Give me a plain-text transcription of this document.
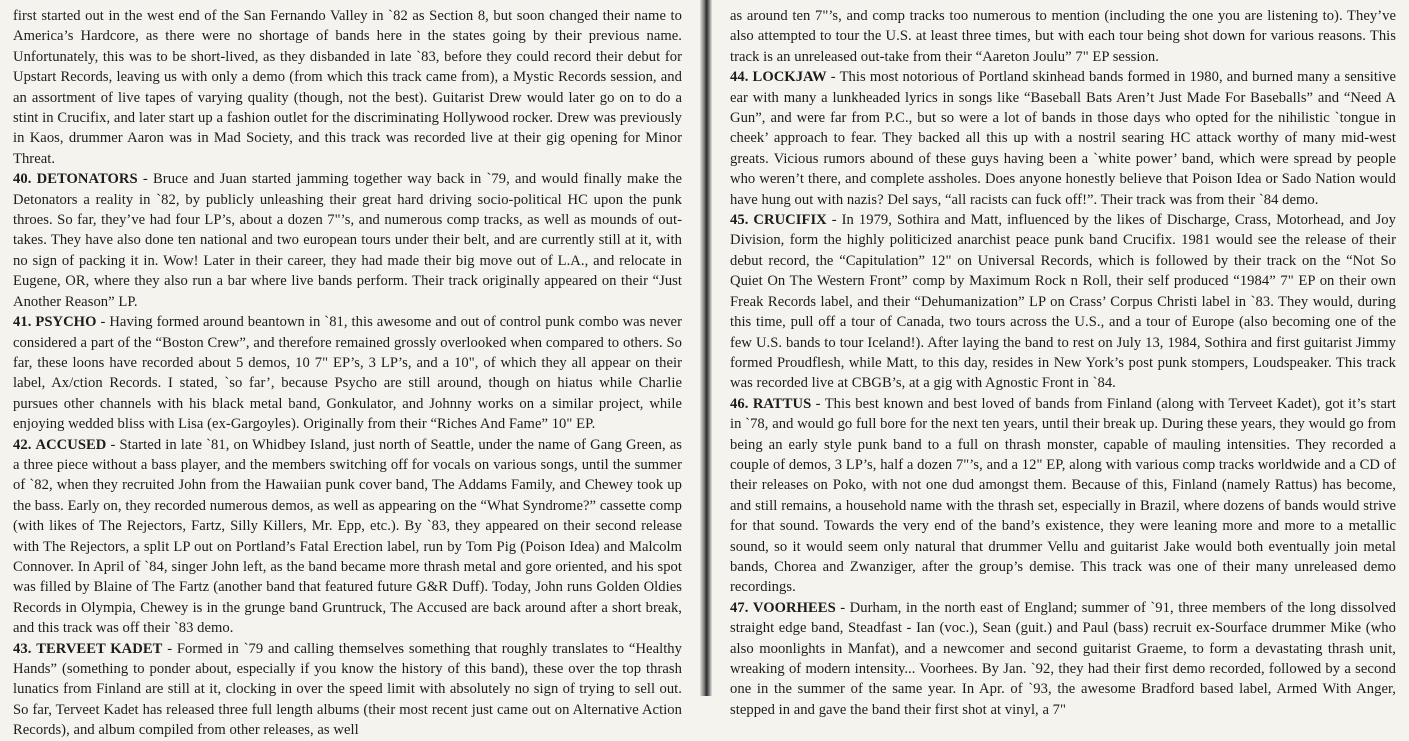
first started out in the west end of the San Fernando Valley in `82 as Section 8, but soon changed their name to America’s Hardcore, as there were no shortage of bands here in the states going by their previous name. Unfortunately, this was to be short-lived, as they disbanded in late `83, before they could record their debut for Upstart Records, leaving us with only a demo (from which this track came from), a Mystic Records session, and an assortment of live tapes of varying quality (though, not the best). Guitarist Drew would later go on to do a stint in Crucifix, and later start up a fashion outlet for the discriminating Hollywood rocker. Drew was previously in Kaos, drummer Aaron was in Mad Society, and this track was recorded live at their gig opening for Minor Threat.

40. DETONATORS - Bruce and Juan started jamming together way back in `79, and would finally make the Detonators a reality in `82, by publicly unleashing their great hard driving socio-political HC upon the punk throes. So far, they’ve had four LP’s, about a dozen 7"’s, and numerous comp tracks, as well as mounds of out-takes. They have also done ten national and two european tours under their belt, and are currently still at it, with no sign of packing it in. Wow! Later in their career, they had made their big move out of L.A., and relocate in Eugene, OR, where they also run a bar where live bands perform. Their track originally appeared on their “Just Another Reason” LP.

41. PSYCHO - Having formed around beantown in `81, this awesome and out of control punk combo was never considered a part of the “Boston Crew”, and therefore remained grossly overlooked when compared to others. So far, these loons have recorded about 5 demos, 10 7" EP’s, 3 LP’s, and a 10", of which they all appear on their label, Ax/ction Records. I stated, `so far’, because Psycho are still around, though on hiatus while Charlie pursues other channels with his black metal band, Gonkulator, and Johnny works on a similar project, while enjoying wedded bliss with Lisa (ex-Gargoyles). Originally from their “Riches And Fame” 10" EP.

42. ACCUSED - Started in late `81, on Whidbey Island, just north of Seattle, under the name of Gang Green, as a three piece without a bass player, and the members switching off for vocals on various songs, until the summer of `82, when they recruited John from the Hawaiian punk cover band, The Addams Family, and Chewey took up the bass. Early on, they recorded numerous demos, as well as appearing on the “What Syndrome?” cassette comp (with likes of The Rejectors, Fartz, Silly Killers, Mr. Epp, etc.). By `83, they appeared on their second release with The Rejectors, a split LP out on Portland’s Fatal Erection label, run by Tom Pig (Poison Idea) and Malcolm Connover. In April of `84, singer John left, as the band became more thrash metal and gore oriented, and his spot was filled by Blaine of The Fartz (another band that featured future G&R Duff). Today, John runs Golden Oldies Records in Olympia, Chewey is in the grunge band Gruntruck, The Accused are back around after a short break, and this track was off their `83 demo.

43. TERVEET KADET - Formed in `79 and calling themselves something that roughly translates to “Healthy Hands” (something to ponder about, especially if you know the history of this band), these over the top thrash lunatics from Finland are still at it, clocking in over the speed limit with absolutely no sign of trying to sell out. So far, Terveet Kadet has released three full length albums (their most recent just came out on Alternative Action Records), and album compiled from other releases, as well

as around ten 7"’s, and comp tracks too numerous to mention (including the one you are listening to). They’ve also attempted to tour the U.S. at least three times, but with each tour being shot down for various reasons. This track is an unreleased out-take from their “Aareton Joulu” 7" EP session.

44. LOCKJAW - This most notorious of Portland skinhead bands formed in 1980, and burned many a sensitive ear with many a lunkheaded lyrics in songs like “Baseball Bats Aren’t Just Made For Baseballs” and “Need A Gun”, and were far from P.C., but so were a lot of bands in those days who opted for the nihilistic `tongue in cheek’ approach to fear. They backed all this up with a nostril searing HC attack worthy of many mid-west greats. Vicious rumors abound of these guys having been a `white power’ band, which were spread by people who weren’t there, and complete assholes. Does anyone honestly believe that Poison Idea or Sado Nation would have hung out with nazis? Del says, “all racists can fuck off!”. Their track was from their `84 demo.

45. CRUCIFIX - In 1979, Sothira and Matt, influenced by the likes of Discharge, Crass, Motorhead, and Joy Division, form the highly politicized anarchist peace punk band Crucifix. 1981 would see the release of their debut record, the “Capitulation” 12" on Universal Records, which is followed by their track on the “Not So Quiet On The Western Front” comp by Maximum Rock n Roll, their self produced “1984” 7" EP on their own Freak Records label, and their “Dehumanization” LP on Crass’ Corpus Christi label in `83. They would, during this time, pull off a tour of Canada, two tours across the U.S., and a tour of Europe (also becoming one of the few U.S. bands to tour Iceland!). After laying the band to rest on July 13, 1984, Sothira and first guitarist Jimmy formed Proudflesh, while Matt, to this day, resides in New York’s post punk stompers, Loudspeaker. This track was recorded live at CBGB’s, at a gig with Agnostic Front in `84.

46. RATTUS - This best known and best loved of bands from Finland (along with Terveet Kadet), got it’s start in `78, and would go full bore for the next ten years, until their break up. During these years, they would go from being an early style punk band to a full on thrash monster, capable of mauling intensities. They recorded a couple of demos, 3 LP’s, half a dozen 7"’s, and a 12" EP, along with various comp tracks worldwide and a CD of their releases on Poko, with not one dud amongst them. Because of this, Finland (namely Rattus) has become, and still remains, a household name with the thrash set, especially in Brazil, where dozens of bands would strive for that sound. Towards the very end of the band’s existence, they were leaning more and more to a metallic sound, so it would seem only natural that drummer Vellu and guitarist Jake would both eventually join metal bands, Chorea and Zwanziger, after the group’s demise. This track was one of their many unreleased demo recordings.

47. VOORHEES - Durham, in the north east of England; summer of `91, three members of the long dissolved straight edge band, Steadfast - Ian (voc.), Sean (guit.) and Paul (bass) recruit ex-Sourface drummer Mike (who also moonlights in Manfat), and a newcomer and second guitarist Graeme, to form a devastating thrash unit, wreaking of modern intensity... Voorhees. By Jan. `92, they had their first demo recorded, followed by a second one in the summer of the same year. In Apr. of `93, the awesome Bradford based label, Armed With Anger, stepped in and gave the band their first shot at vinyl, a 7"
